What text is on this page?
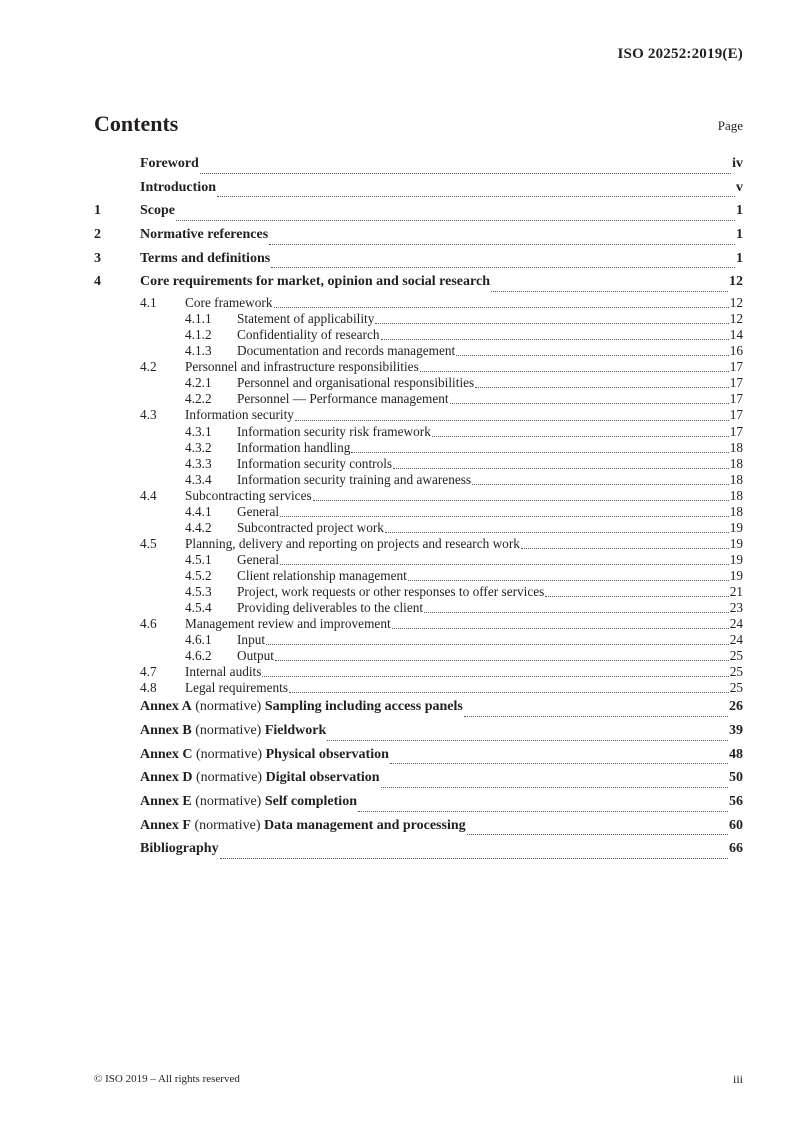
ISO 20252:2019(E)
Contents	Page
Foreword	iv
Introduction	v
1	Scope	1
2	Normative references	1
3	Terms and definitions	1
4	Core requirements for market, opinion and social research	12
4.1	Core framework	12
4.1.1	Statement of applicability	12
4.1.2	Confidentiality of research	14
4.1.3	Documentation and records management	16
4.2	Personnel and infrastructure responsibilities	17
4.2.1	Personnel and organisational responsibilities	17
4.2.2	Personnel — Performance management	17
4.3	Information security	17
4.3.1	Information security risk framework	17
4.3.2	Information handling	18
4.3.3	Information security controls	18
4.3.4	Information security training and awareness	18
4.4	Subcontracting services	18
4.4.1	General	18
4.4.2	Subcontracted project work	19
4.5	Planning, delivery and reporting on projects and research work	19
4.5.1	General	19
4.5.2	Client relationship management	19
4.5.3	Project, work requests or other responses to offer services	21
4.5.4	Providing deliverables to the client	23
4.6	Management review and improvement	24
4.6.1	Input	24
4.6.2	Output	25
4.7	Internal audits	25
4.8	Legal requirements	25
Annex A (normative) Sampling including access panels	26
Annex B (normative) Fieldwork	39
Annex C (normative) Physical observation	48
Annex D (normative) Digital observation	50
Annex E (normative) Self completion	56
Annex F (normative) Data management and processing	60
Bibliography	66
© ISO 2019 – All rights reserved	iii
